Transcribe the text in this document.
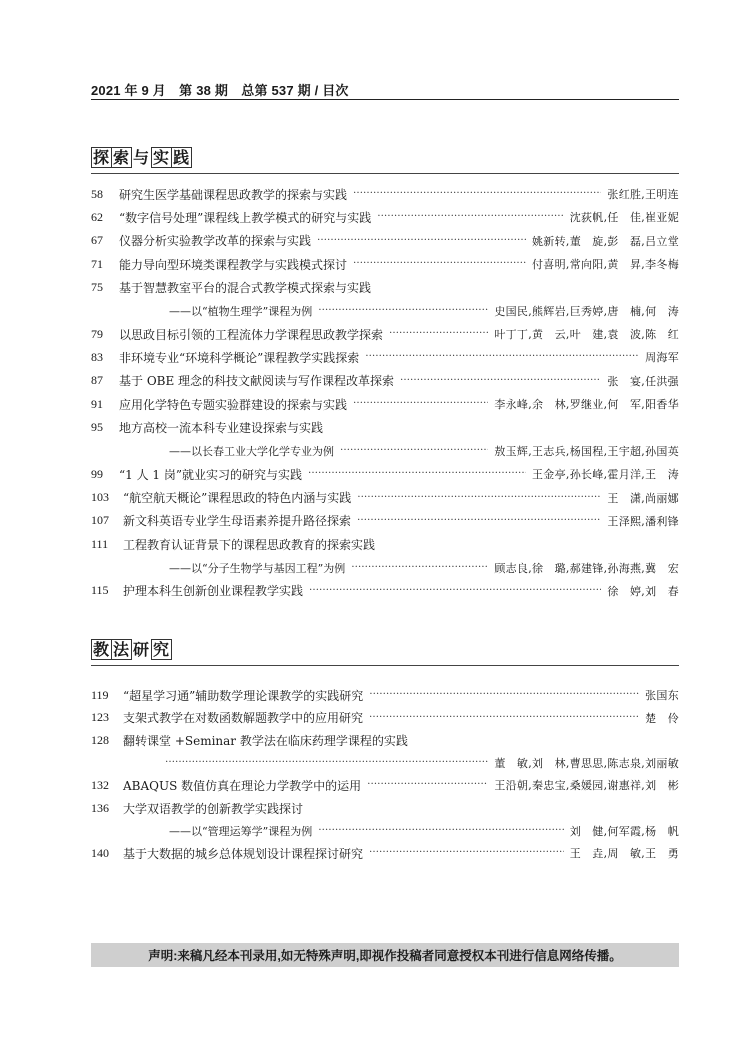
2021 年 9 月　第 38 期　总第 537 期 / 目次
探 索 与 实 践
58	研究生医学基础课程思政教学的探索与实践 …………………………………………………………………………………………………………………………………………………………………………………………………………	张红胜,王明连
62	“数字信号处理”课程线上教学模式的研究与实践 …………………………………………………………………………………………………………………………………………………………………………………………………………	沈荻帆,任　佳,崔亚妮
67	仪器分析实验教学改革的探索与实践 …………………………………………………………………………………………………………………………………………………………………………………………………………	姚新转,董　旋,彭　磊,吕立堂
71	能力导向型环境类课程教学与实践模式探讨 …………………………………………………………………………………………………………………………………………………………………………………………………………	付喜明,常向阳,黄　昇,李冬梅
75	基于智慧教室平台的混合式教学模式探索与实践
——以“植物生理学”课程为例 …………………………………………………………………………………………………………………………………………………………………………………………………………	史国民,熊辉岩,巨秀婷,唐　楠,何　涛
79	以思政目标引领的工程流体力学课程思政教学探索 …………………………………………………………………………………………………………………………………………………………………………………………………………	叶丁丁,黄　云,叶　建,袁　波,陈　红
83	非环境专业“环境科学概论”课程教学实践探索 …………………………………………………………………………………………………………………………………………………………………………………………………………	周海军
87	基于 OBE 理念的科技文献阅读与写作课程改革探索 …………………………………………………………………………………………………………………………………………………………………………………………………………	张　宴,任洪强
91	应用化学特色专题实验群建设的探索与实践 …………………………………………………………………………………………………………………………………………………………………………………………………………	李永峰,余　林,罗继业,何　军,阳香华
95	地方高校一流本科专业建设探索与实践
——以长春工业大学化学专业为例 …………………………………………………………………………………………………………………………………………………………………………………………………………	敖玉辉,王志兵,杨国程,王宇超,孙国英
99	“1 人 1 岗”就业实习的研究与实践 …………………………………………………………………………………………………………………………………………………………………………………………………………	王金亭,孙长峰,霍月洋,王　涛
103	“航空航天概论”课程思政的特色内涵与实践 …………………………………………………………………………………………………………………………………………………………………………………………………………	王　潇,尚丽娜
107	新文科英语专业学生母语素养提升路径探索 …………………………………………………………………………………………………………………………………………………………………………………………………………	王泽熙,潘利锋
111	工程教育认证背景下的课程思政教育的探索实践
——以“分子生物学与基因工程”为例 …………………………………………………………………………………………………………………………………………………………………………………………………………	顾志良,徐　璐,郝建锋,孙海燕,冀　宏
115	护理本科生创新创业课程教学实践 …………………………………………………………………………………………………………………………………………………………………………………………………………	徐　婷,刘　春
教 法 研 究
119	“超星学习通”辅助数学理论课教学的实践研究 …………………………………………………………………………………………………………………………………………………………………………………………………………	张国东
123	支架式教学在对数函数解题教学中的应用研究 …………………………………………………………………………………………………………………………………………………………………………………………………………	楚　伶
128	翻转课堂 +Seminar 教学法在临床药理学课程的实践
…………………………………………………………………………………………………………………………………………………………………………………………………………
董　敏,刘　林,曹思思,陈志泉,刘丽敏
132	ABAQUS 数值仿真在理论力学教学中的运用 …………………………………………………………………………………………………………………………………………………………………………………………………………	王沿朝,秦忠宝,桑媛园,谢惠祥,刘　彬
136	大学双语教学的创新教学实践探讨
——以“管理运筹学”课程为例 …………………………………………………………………………………………………………………………………………………………………………………………………………	刘　健,何军霞,杨　帆
140	基于大数据的城乡总体规划设计课程探讨研究 …………………………………………………………………………………………………………………………………………………………………………………………………………	王　垚,周　敏,王　勇
声明:来稿凡经本刊录用,如无特殊声明,即视作投稿者同意授权本刊进行信息网络传播。
